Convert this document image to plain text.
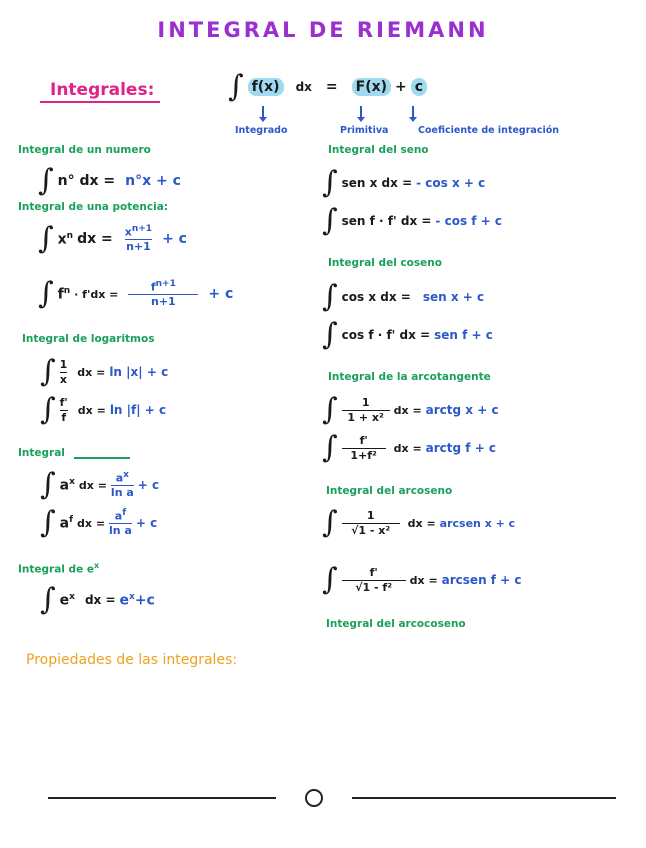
INTEGRAL DE RIEMANN
Integrales: ∫ f(x)	dx = F(x) + c
Integrado	Primitiva	Coeficiente de integración
Integral de un numero
∫ n° dx = n°x + c
Integral de una potencia:
∫ $x^n$ dx = $\frac{x^{n+1}}{n+1} + c$
∫ $f^n \cdot f'dx = \frac{f^{n+1}}{n+1} + c$
Integral de logaritmos
∫ $\frac{1}{x}$ dx = ln |x| + c
∫ $\frac{f'}{f}$ dx = ln |f| + c
Integral
∫ $a^x$ dx = $\frac{a^x}{\text{ln a}} + c$
∫ $a^f$ dx = $\frac{a^f}{\text{ln a}} + c$
Integral de $e^x$
∫ $e^x$ dx = $e^x+c$
Integral del seno
∫ sen x dx = - cos x + c
∫ sen f · f' dx = - cos f + c
Integral del coseno
∫ cos x dx = sen x + c
∫ cos f · f' dx = sen f + c
Integral de la arcotangente
∫ $\frac{1}{\text{1 + x²}}$ dx = arctg x + c
∫ $\frac{f'}{\text{1+f²}}$ dx = arctg f + c
Integral del arcoseno
∫ $\frac{1}{\text{√1 - x²}}$ dx = arcsen x + c
∫ $\frac{f'}{\text{√1 - f²}}$ dx = arcsen f + c
Integral del arcocoseno
Propiedades de las integrales:
